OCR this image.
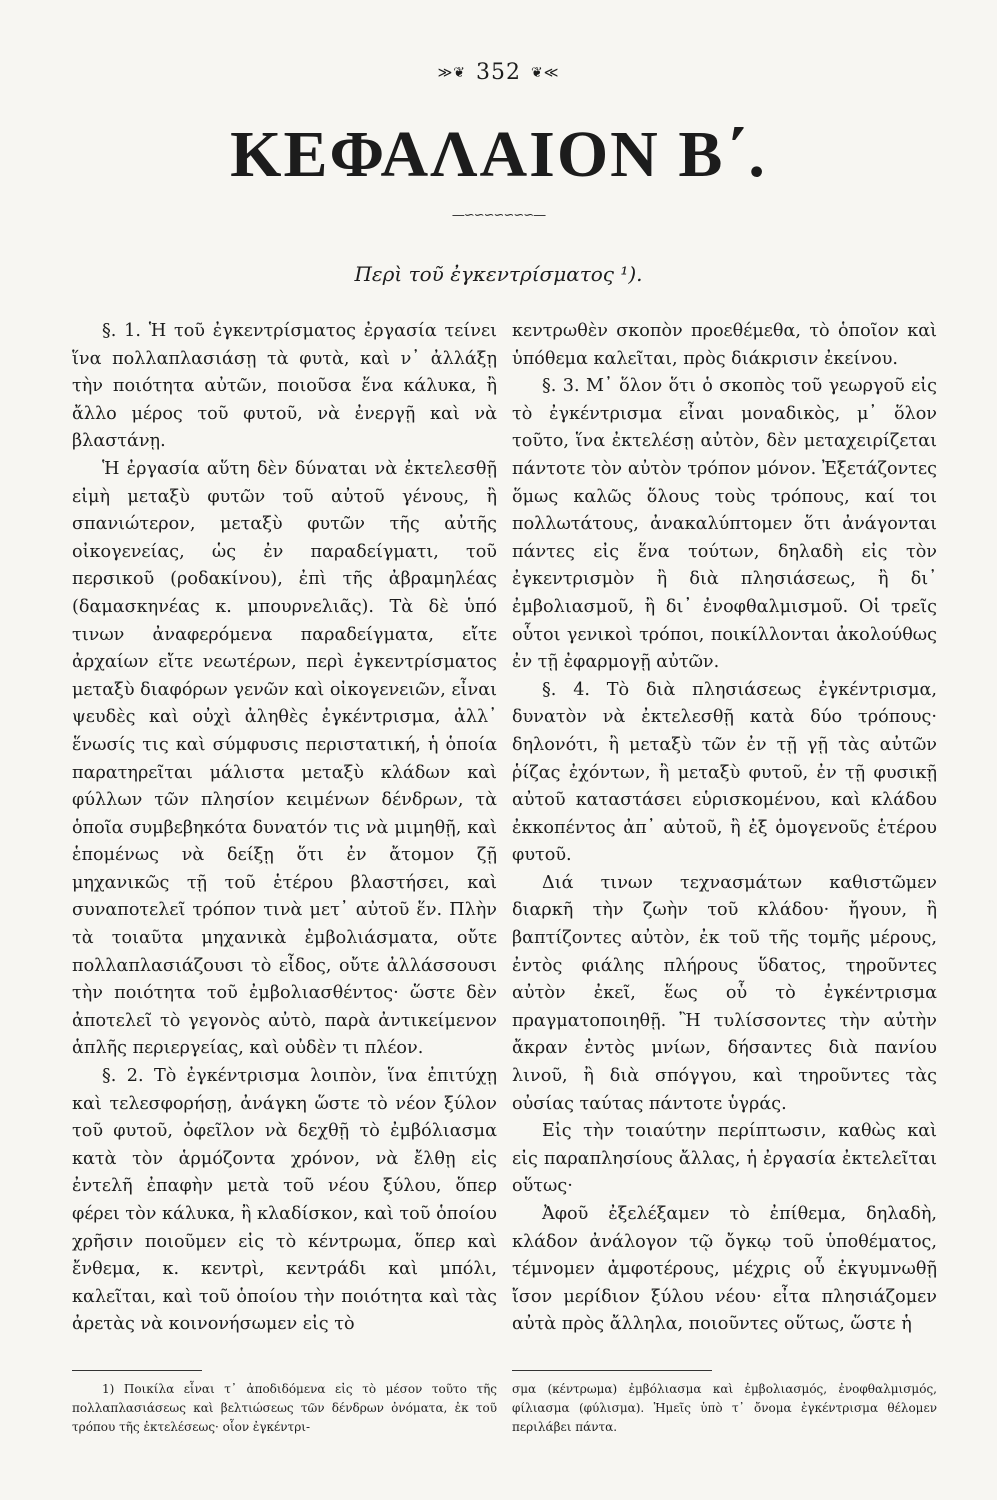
≫❦ 352 ❦≪
ΚΕΦΑΛΑΙΟΝ Β΄.
—∽∽∽∽∽∽∽—
Περὶ τοῦ ἐγκεντρίσματος ¹).

§. 1. Ἡ τοῦ ἐγκεντρίσματος ἐργασία τείνει ἵνα πολλαπλασιάσῃ τὰ φυτὰ, καὶ ν᾽ ἀλλάξῃ τὴν ποιότητα αὐτῶν, ποιοῦσα ἕνα κάλυκα, ἢ ἄλλο μέρος τοῦ φυτοῦ, νὰ ἐνεργῇ καὶ νὰ βλαστάνῃ.

Ἡ ἐργασία αὕτη δὲν δύναται νὰ ἐκτελεσθῇ εἰμὴ μεταξὺ φυτῶν τοῦ αὐτοῦ γένους, ἢ σπανιώτερον, μεταξὺ φυτῶν τῆς αὐτῆς οἰκογενείας, ὡς ἐν παραδείγματι, τοῦ περσικοῦ (ροδακίνου), ἐπὶ τῆς ἀβραμηλέας (δαμασκηνέας κ. μπουρνελιᾶς). Τὰ δὲ ὑπό τινων ἀναφερόμενα παραδείγματα, εἴτε ἀρχαίων εἴτε νεωτέρων, περὶ ἐγκεντρίσματος μεταξὺ διαφόρων γενῶν καὶ οἰκογενειῶν, εἶναι ψευδὲς καὶ οὐχὶ ἀληθὲς ἐγκέντρισμα, ἀλλ᾽ ἕνωσίς τις καὶ σύμφυσις περιστατική, ἡ ὁποία παρατηρεῖται μάλιστα μεταξὺ κλάδων καὶ φύλλων τῶν πλησίον κειμένων δένδρων, τὰ ὁποῖα συμβεβηκότα δυνατόν τις νὰ μιμηθῇ, καὶ ἑπομένως νὰ δείξῃ ὅτι ἐν ἄτομον ζῇ μηχανικῶς τῇ τοῦ ἑτέρου βλαστήσει, καὶ συναποτελεῖ τρόπον τινὰ μετ᾽ αὐτοῦ ἕν. Πλὴν τὰ τοιαῦτα μηχανικὰ ἐμβολιάσματα, οὔτε πολλαπλασιάζουσι τὸ εἶδος, οὔτε ἀλλάσσουσι τὴν ποιότητα τοῦ ἐμβολιασθέντος· ὥστε δὲν ἀποτελεῖ τὸ γεγονὸς αὐτὸ, παρὰ ἀντικείμενον ἁπλῆς περιεργείας, καὶ οὐδὲν τι πλέον.

§. 2. Τὸ ἐγκέντρισμα λοιπὸν, ἵνα ἐπιτύχῃ καὶ τελεσφορήσῃ, ἀνάγκη ὥστε τὸ νέον ξύλον τοῦ φυτοῦ, ὀφεῖλον νὰ δεχθῇ τὸ ἐμβόλιασμα κατὰ τὸν ἁρμόζοντα χρόνον, νὰ ἔλθῃ εἰς ἐντελῆ ἐπαφὴν μετὰ τοῦ νέου ξύλου, ὅπερ φέρει τὸν κάλυκα, ἢ κλαδίσκον, καὶ τοῦ ὁποίου χρῆσιν ποιοῦμεν εἰς τὸ κέντρωμα, ὅπερ καὶ ἔνθεμα, κ. κεντρὶ, κεντράδι καὶ μπόλι, καλεῖται, καὶ τοῦ ὁποίου τὴν ποιότητα καὶ τὰς ἀρετὰς νὰ κοινονήσωμεν εἰς τὸ

κεντρωθὲν σκοπὸν προεθέμεθα, τὸ ὁποῖον καὶ ὑπόθεμα καλεῖται, πρὸς διάκρισιν ἐκείνου.

§. 3. Μ᾽ ὅλον ὅτι ὁ σκοπὸς τοῦ γεωργοῦ εἰς τὸ ἐγκέντρισμα εἶναι μοναδικὸς, μ᾽ ὅλον τοῦτο, ἵνα ἐκτελέσῃ αὐτὸν, δὲν μεταχειρίζεται πάντοτε τὸν αὐτὸν τρόπον μόνον. Ἐξετάζοντες ὅμως καλῶς ὅλους τοὺς τρόπους, καί τοι πολλωτάτους, ἀνακαλύπτομεν ὅτι ἀνάγονται πάντες εἰς ἕνα τούτων, δηλαδὴ εἰς τὸν ἐγκεντρισμὸν ἢ διὰ πλησιάσεως, ἢ δι᾽ ἐμβολιασμοῦ, ἢ δι᾽ ἐνοφθαλμισμοῦ. Οἱ τρεῖς οὗτοι γενικοὶ τρόποι, ποικίλλονται ἀκολούθως ἐν τῇ ἐφαρμογῇ αὐτῶν.

§. 4. Τὸ διὰ πλησιάσεως ἐγκέντρισμα, δυνατὸν νὰ ἐκτελεσθῇ κατὰ δύο τρόπους· δηλονότι, ἢ μεταξὺ τῶν ἐν τῇ γῇ τὰς αὐτῶν ῥίζας ἐχόντων, ἢ μεταξὺ φυτοῦ, ἐν τῇ φυσικῇ αὐτοῦ καταστάσει εὑρισκομένου, καὶ κλάδου ἐκκοπέντος ἀπ᾽ αὐτοῦ, ἢ ἐξ ὁμογενοῦς ἑτέρου φυτοῦ.

Διά τινων τεχνασμάτων καθιστῶμεν διαρκῆ τὴν ζωὴν τοῦ κλάδου· ἤγουν, ἢ βαπτίζοντες αὐτὸν, ἐκ τοῦ τῆς τομῆς μέρους, ἐντὸς φιάλης πλήρους ὕδατος, τηροῦντες αὐτὸν ἐκεῖ, ἕως οὗ τὸ ἐγκέντρισμα πραγματοποιηθῇ. Ἢ τυλίσσοντες τὴν αὐτὴν ἄκραν ἐντὸς μνίων, δήσαντες διὰ πανίου λινοῦ, ἢ διὰ σπόγγου, καὶ τηροῦντες τὰς οὐσίας ταύτας πάντοτε ὑγράς.

Εἰς τὴν τοιαύτην περίπτωσιν, καθὼς καὶ εἰς παραπλησίους ἄλλας, ἡ ἐργασία ἐκτελεῖται οὕτως·

Ἀφοῦ ἐξελέξαμεν τὸ ἐπίθεμα, δηλαδὴ, κλάδον ἀνάλογον τῷ ὄγκῳ τοῦ ὑποθέματος, τέμνομεν ἀμφοτέρους, μέχρις οὗ ἐκγυμνωθῇ ἴσον μερίδιον ξύλου νέου· εἶτα πλησιάζομεν αὐτὰ πρὸς ἄλληλα, ποιοῦντες οὕτως, ὥστε ἡ

1) Ποικίλα εἶναι τ᾽ ἀποδιδόμενα εἰς τὸ μέσον τοῦτο τῆς πολλαπλασιάσεως καὶ βελτιώσεως τῶν δένδρων ὀνόματα, ἐκ τοῦ τρόπου τῆς ἐκτελέσεως· οἷον ἐγκέντρι-

σμα (κέντρωμα) ἐμβόλιασμα καὶ ἐμβολιασμός, ἐνοφθαλμισμός, φίλιασμα (φύλισμα). Ἡμεῖς ὑπὸ τ᾽ ὄνομα ἐγκέντρισμα θέλομεν περιλάβει πάντα.
